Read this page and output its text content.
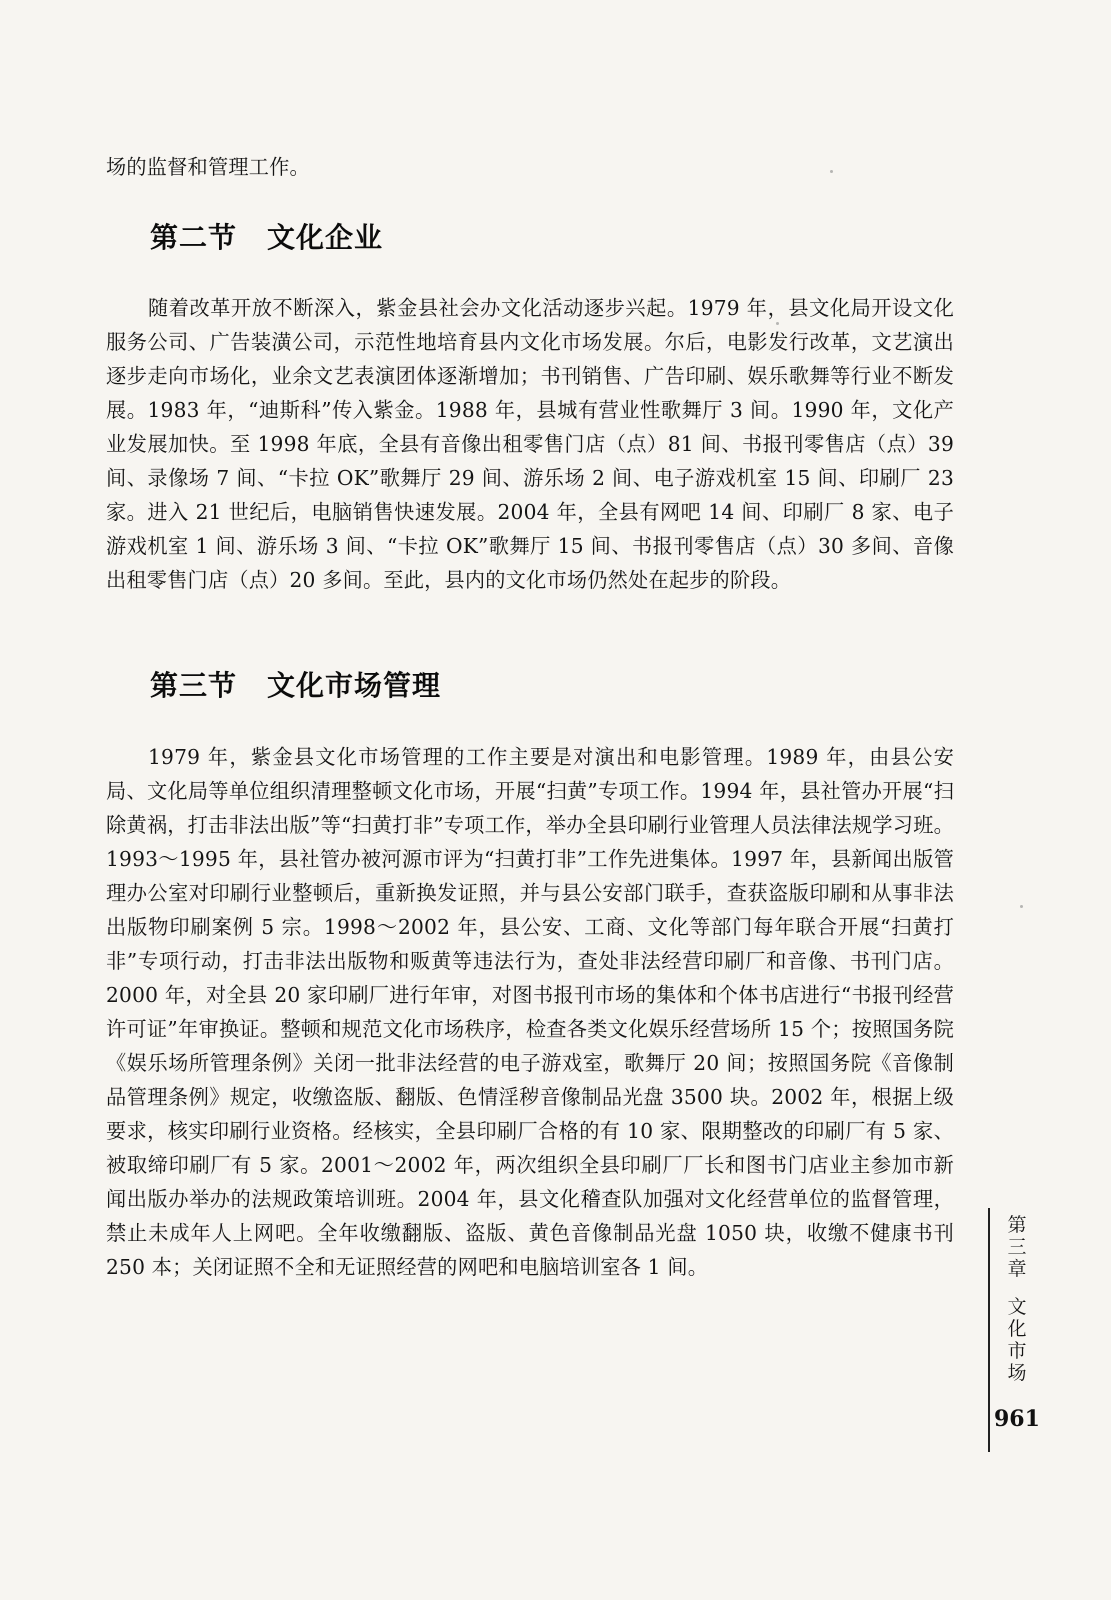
场的监督和管理工作。

第二节 文化企业

随着改革开放不断深入，紫金县社会办文化活动逐步兴起。1979 年，县文化局开设文化服务公司、广告装潢公司，示范性地培育县内文化市场发展。尔后，电影发行改革，文艺演出逐步走向市场化，业余文艺表演团体逐渐增加；书刊销售、广告印刷、娱乐歌舞等行业不断发展。1983 年，“迪斯科”传入紫金。1988 年，县城有营业性歌舞厅 3 间。1990 年，文化产业发展加快。至 1998 年底，全县有音像出租零售门店（点）81 间、书报刊零售店（点）39 间、录像场 7 间、“卡拉 OK”歌舞厅 29 间、游乐场 2 间、电子游戏机室 15 间、印刷厂 23 家。进入 21 世纪后，电脑销售快速发展。2004 年，全县有网吧 14 间、印刷厂 8 家、电子游戏机室 1 间、游乐场 3 间、“卡拉 OK”歌舞厅 15 间、书报刊零售店（点）30 多间、音像出租零售门店（点）20 多间。至此，县内的文化市场仍然处在起步的阶段。

第三节 文化市场管理

1979 年，紫金县文化市场管理的工作主要是对演出和电影管理。1989 年，由县公安局、文化局等单位组织清理整顿文化市场，开展“扫黄”专项工作。1994 年，县社管办开展“扫除黄祸，打击非法出版”等“扫黄打非”专项工作，举办全县印刷行业管理人员法律法规学习班。1993～1995 年，县社管办被河源市评为“扫黄打非”工作先进集体。1997 年，县新闻出版管理办公室对印刷行业整顿后，重新换发证照，并与县公安部门联手，查获盗版印刷和从事非法出版物印刷案例 5 宗。1998～2002 年，县公安、工商、文化等部门每年联合开展“扫黄打非”专项行动，打击非法出版物和贩黄等违法行为，查处非法经营印刷厂和音像、书刊门店。2000 年，对全县 20 家印刷厂进行年审，对图书报刊市场的集体和个体书店进行“书报刊经营许可证”年审换证。整顿和规范文化市场秩序，检查各类文化娱乐经营场所 15 个；按照国务院《娱乐场所管理条例》关闭一批非法经营的电子游戏室，歌舞厅 20 间；按照国务院《音像制品管理条例》规定，收缴盗版、翻版、色情淫秽音像制品光盘 3500 块。2002 年，根据上级要求，核实印刷行业资格。经核实，全县印刷厂合格的有 10 家、限期整改的印刷厂有 5 家、被取缔印刷厂有 5 家。2001～2002 年，两次组织全县印刷厂厂长和图书门店业主参加市新闻出版办举办的法规政策培训班。2004 年，县文化稽查队加强对文化经营单位的监督管理，禁止未成年人上网吧。全年收缴翻版、盗版、黄色音像制品光盘 1050 块，收缴不健康书刊 250 本；关闭证照不全和无证照经营的网吧和电脑培训室各 1 间。

第三章
文化市场
961
